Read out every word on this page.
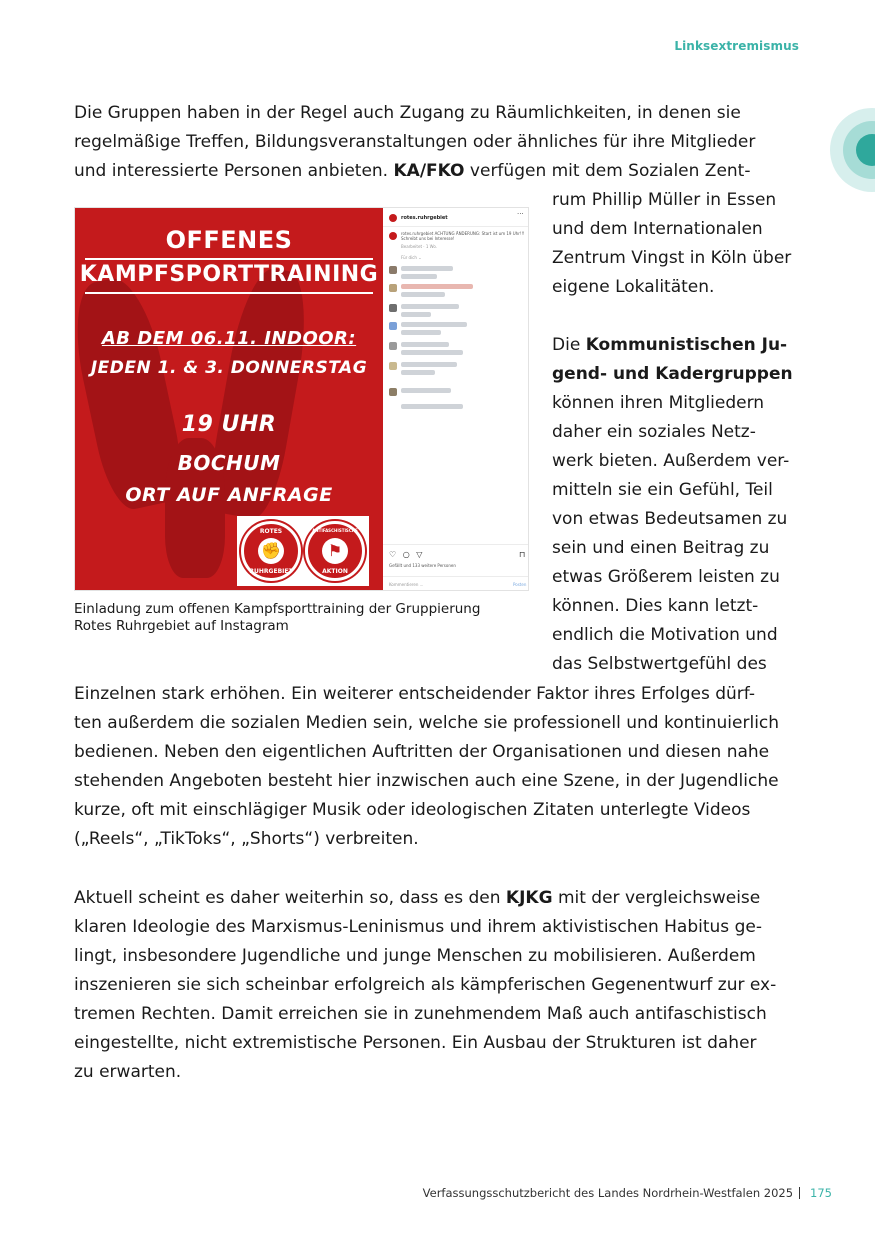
Linksextremismus
Die Gruppen haben in der Regel auch Zugang zu Räumlichkeiten, in denen sie
regelmäßige Treffen, Bildungsveranstaltungen oder ähnliches für ihre Mitglieder
und interessierte Personen anbieten. KA/FKO verfügen mit dem Sozialen Zent-
rum Phillip Müller in Essen
und dem Internationalen
Zentrum Vingst in Köln über
eigene Lokalitäten.

Die Kommunistischen Ju-
gend- und Kadergruppen
können ihren Mitgliedern
daher ein soziales Netz-
werk bieten. Außerdem ver-
mitteln sie ein Gefühl, Teil
von etwas Bedeutsamen zu
sein und einen Beitrag zu
etwas Größerem leisten zu
können. Dies kann letzt-
endlich die Motivation und
das Selbstwertgefühl des
OFFENES
KAMPFSPORTTRAINING
AB DEM 06.11. INDOOR:
JEDEN 1. & 3. DONNERSTAG
19 UHR
BOCHUM
ORT AUF ANFRAGE
ROTES
✊
RUHRGEBIET
ANTIFASCHISTISCHE
⚑
AKTION
rotes.ruhrgebiet	···
rotes.ruhrgebiet ACHTUNG ÄNDERUNG: Start ist um 19 Uhr!!! Schreibt uns bei Interesse!
Bearbeitet · 1 Wo.
Für dich ⌄
♡ ○ ▽	⊓
Gefällt und 133 weitere Personen
Kommentieren ...	Posten
Einladung zum offenen Kampfsporttraining der Gruppierung
Rotes Ruhrgebiet auf Instagram
Einzelnen stark erhöhen. Ein weiterer entscheidender Faktor ihres Erfolges dürf-
ten außerdem die sozialen Medien sein, welche sie professionell und kontinuierlich
bedienen. Neben den eigentlichen Auftritten der Organisationen und diesen nahe
stehenden Angeboten besteht hier inzwischen auch eine Szene, in der Jugendliche
kurze, oft mit einschlägiger Musik oder ideologischen Zitaten unterlegte Videos
(„Reels“, „TikToks“, „Shorts“) verbreiten.
Aktuell scheint es daher weiterhin so, dass es den KJKG mit der vergleichsweise
klaren Ideologie des Marxismus-Leninismus und ihrem aktivistischen Habitus ge-
lingt, insbesondere Jugendliche und junge Menschen zu mobilisieren. Außerdem
inszenieren sie sich scheinbar erfolgreich als kämpferischen Gegenentwurf zur ex-
tremen Rechten. Damit erreichen sie in zunehmendem Maß auch antifaschistisch
eingestellte, nicht extremistische Personen. Ein Ausbau der Strukturen ist daher
zu erwarten.
Verfassungsschutzbericht des Landes Nordrhein-Westfalen 2025 175
